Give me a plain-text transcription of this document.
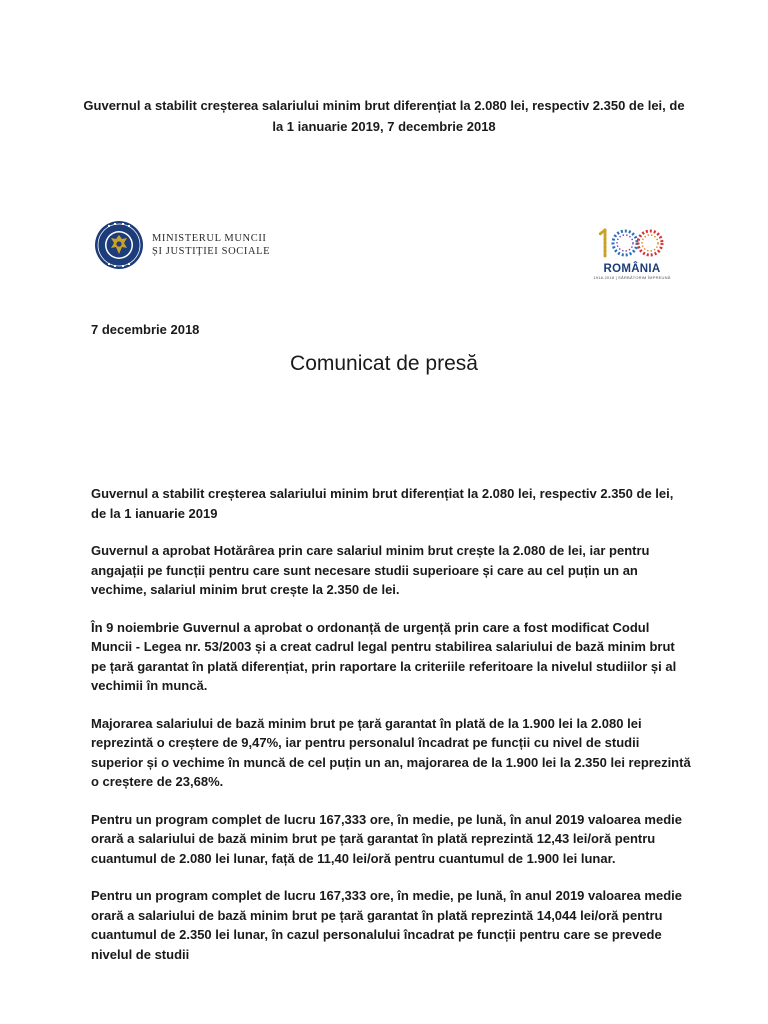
Guvernul a stabilit creșterea salariului minim brut diferențiat la 2.080 lei, respectiv 2.350 de lei, de la 1 ianuarie 2019, 7 decembrie 2018
MINISTERUL MUNCII
ȘI JUSTIȚIEI SOCIALE
ROMÂNIA
1918-2018 | SĂRBĂTORIM ÎMPREUNĂ
7 decembrie 2018
Comunicat de presă

Guvernul a stabilit creșterea salariului minim brut diferențiat la 2.080 lei, respectiv 2.350 de lei, de la 1 ianuarie 2019

Guvernul a aprobat Hotărârea prin care salariul minim brut crește la 2.080 de lei, iar pentru angajații pe funcții pentru care sunt necesare studii superioare și care au cel puțin un an vechime, salariul minim brut crește la 2.350 de lei.

În 9 noiembrie Guvernul a aprobat o ordonanță de urgență prin care a fost modificat Codul Muncii - Legea nr. 53/2003 și a creat cadrul legal pentru stabilirea salariului de bază minim brut pe țară garantat în plată diferențiat, prin raportare la criteriile referitoare la nivelul studiilor și al vechimii în muncă.

Majorarea salariului de bază minim brut pe țară garantat în plată de la 1.900 lei la 2.080 lei reprezintă o creștere de 9,47%, iar pentru personalul încadrat pe funcții cu nivel de studii superior și o vechime în muncă de cel puțin un an, majorarea de la 1.900 lei la 2.350 lei reprezintă o creștere de 23,68%.

Pentru un program complet de lucru 167,333 ore, în medie, pe lună, în anul 2019 valoarea medie orară a salariului de bază minim brut pe țară garantat în plată reprezintă 12,43 lei/oră pentru cuantumul de 2.080 lei lunar, față de 11,40 lei/oră pentru cuantumul de 1.900 lei lunar.

Pentru un program complet de lucru 167,333 ore, în medie, pe lună, în anul 2019 valoarea medie orară a salariului de bază minim brut pe țară garantat în plată reprezintă 14,044 lei/oră pentru cuantumul de 2.350 lei lunar, în cazul personalului încadrat pe funcții pentru care se prevede nivelul de studii
